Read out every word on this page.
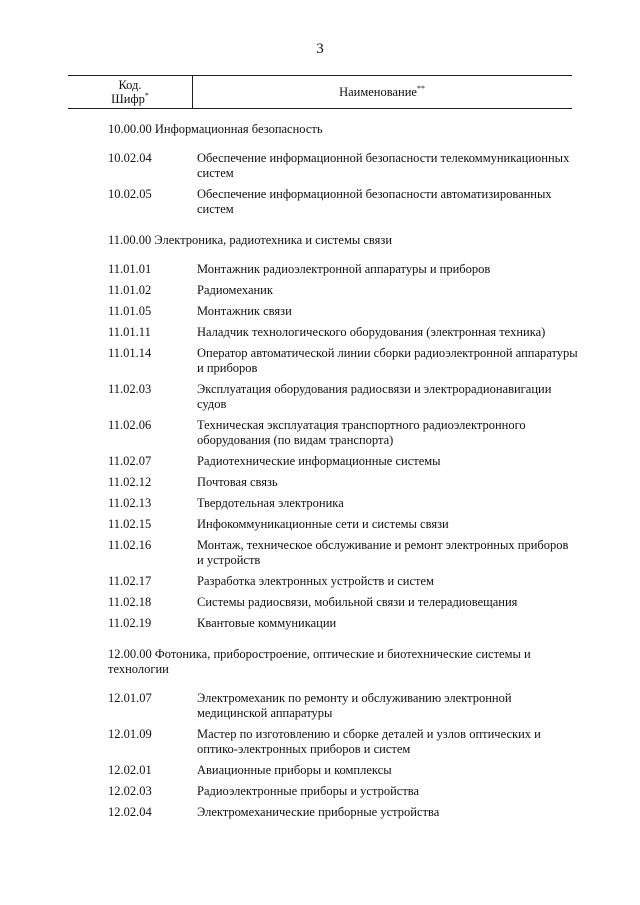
3
Код.
Шифр*	Наименование**
10.00.00 Информационная безопасность
10.02.04	Обеспечение информационной безопасности телекоммуникационных систем
10.02.05	Обеспечение информационной безопасности автоматизированных систем
11.00.00 Электроника, радиотехника и системы связи
11.01.01	Монтажник радиоэлектронной аппаратуры и приборов
11.01.02	Радиомеханик
11.01.05	Монтажник связи
11.01.11	Наладчик технологического оборудования (электронная техника)
11.01.14	Оператор автоматической линии сборки радиоэлектронной аппаратуры и приборов
11.02.03	Эксплуатация оборудования радиосвязи и электрорадионавигации судов
11.02.06	Техническая эксплуатация транспортного радиоэлектронного оборудования (по видам транспорта)
11.02.07	Радиотехнические информационные системы
11.02.12	Почтовая связь
11.02.13	Твердотельная электроника
11.02.15	Инфокоммуникационные сети и системы связи
11.02.16	Монтаж, техническое обслуживание и ремонт электронных приборов и устройств
11.02.17	Разработка электронных устройств и систем
11.02.18	Системы радиосвязи, мобильной связи и телерадиовещания
11.02.19	Квантовые коммуникации
12.00.00 Фотоника, приборостроение, оптические и биотехнические системы и технологии
12.01.07	Электромеханик по ремонту и обслуживанию электронной медицинской аппаратуры
12.01.09	Мастер по изготовлению и сборке деталей и узлов оптических и оптико-электронных приборов и систем
12.02.01	Авиационные приборы и комплексы
12.02.03	Радиоэлектронные приборы и устройства
12.02.04	Электромеханические приборные устройства
